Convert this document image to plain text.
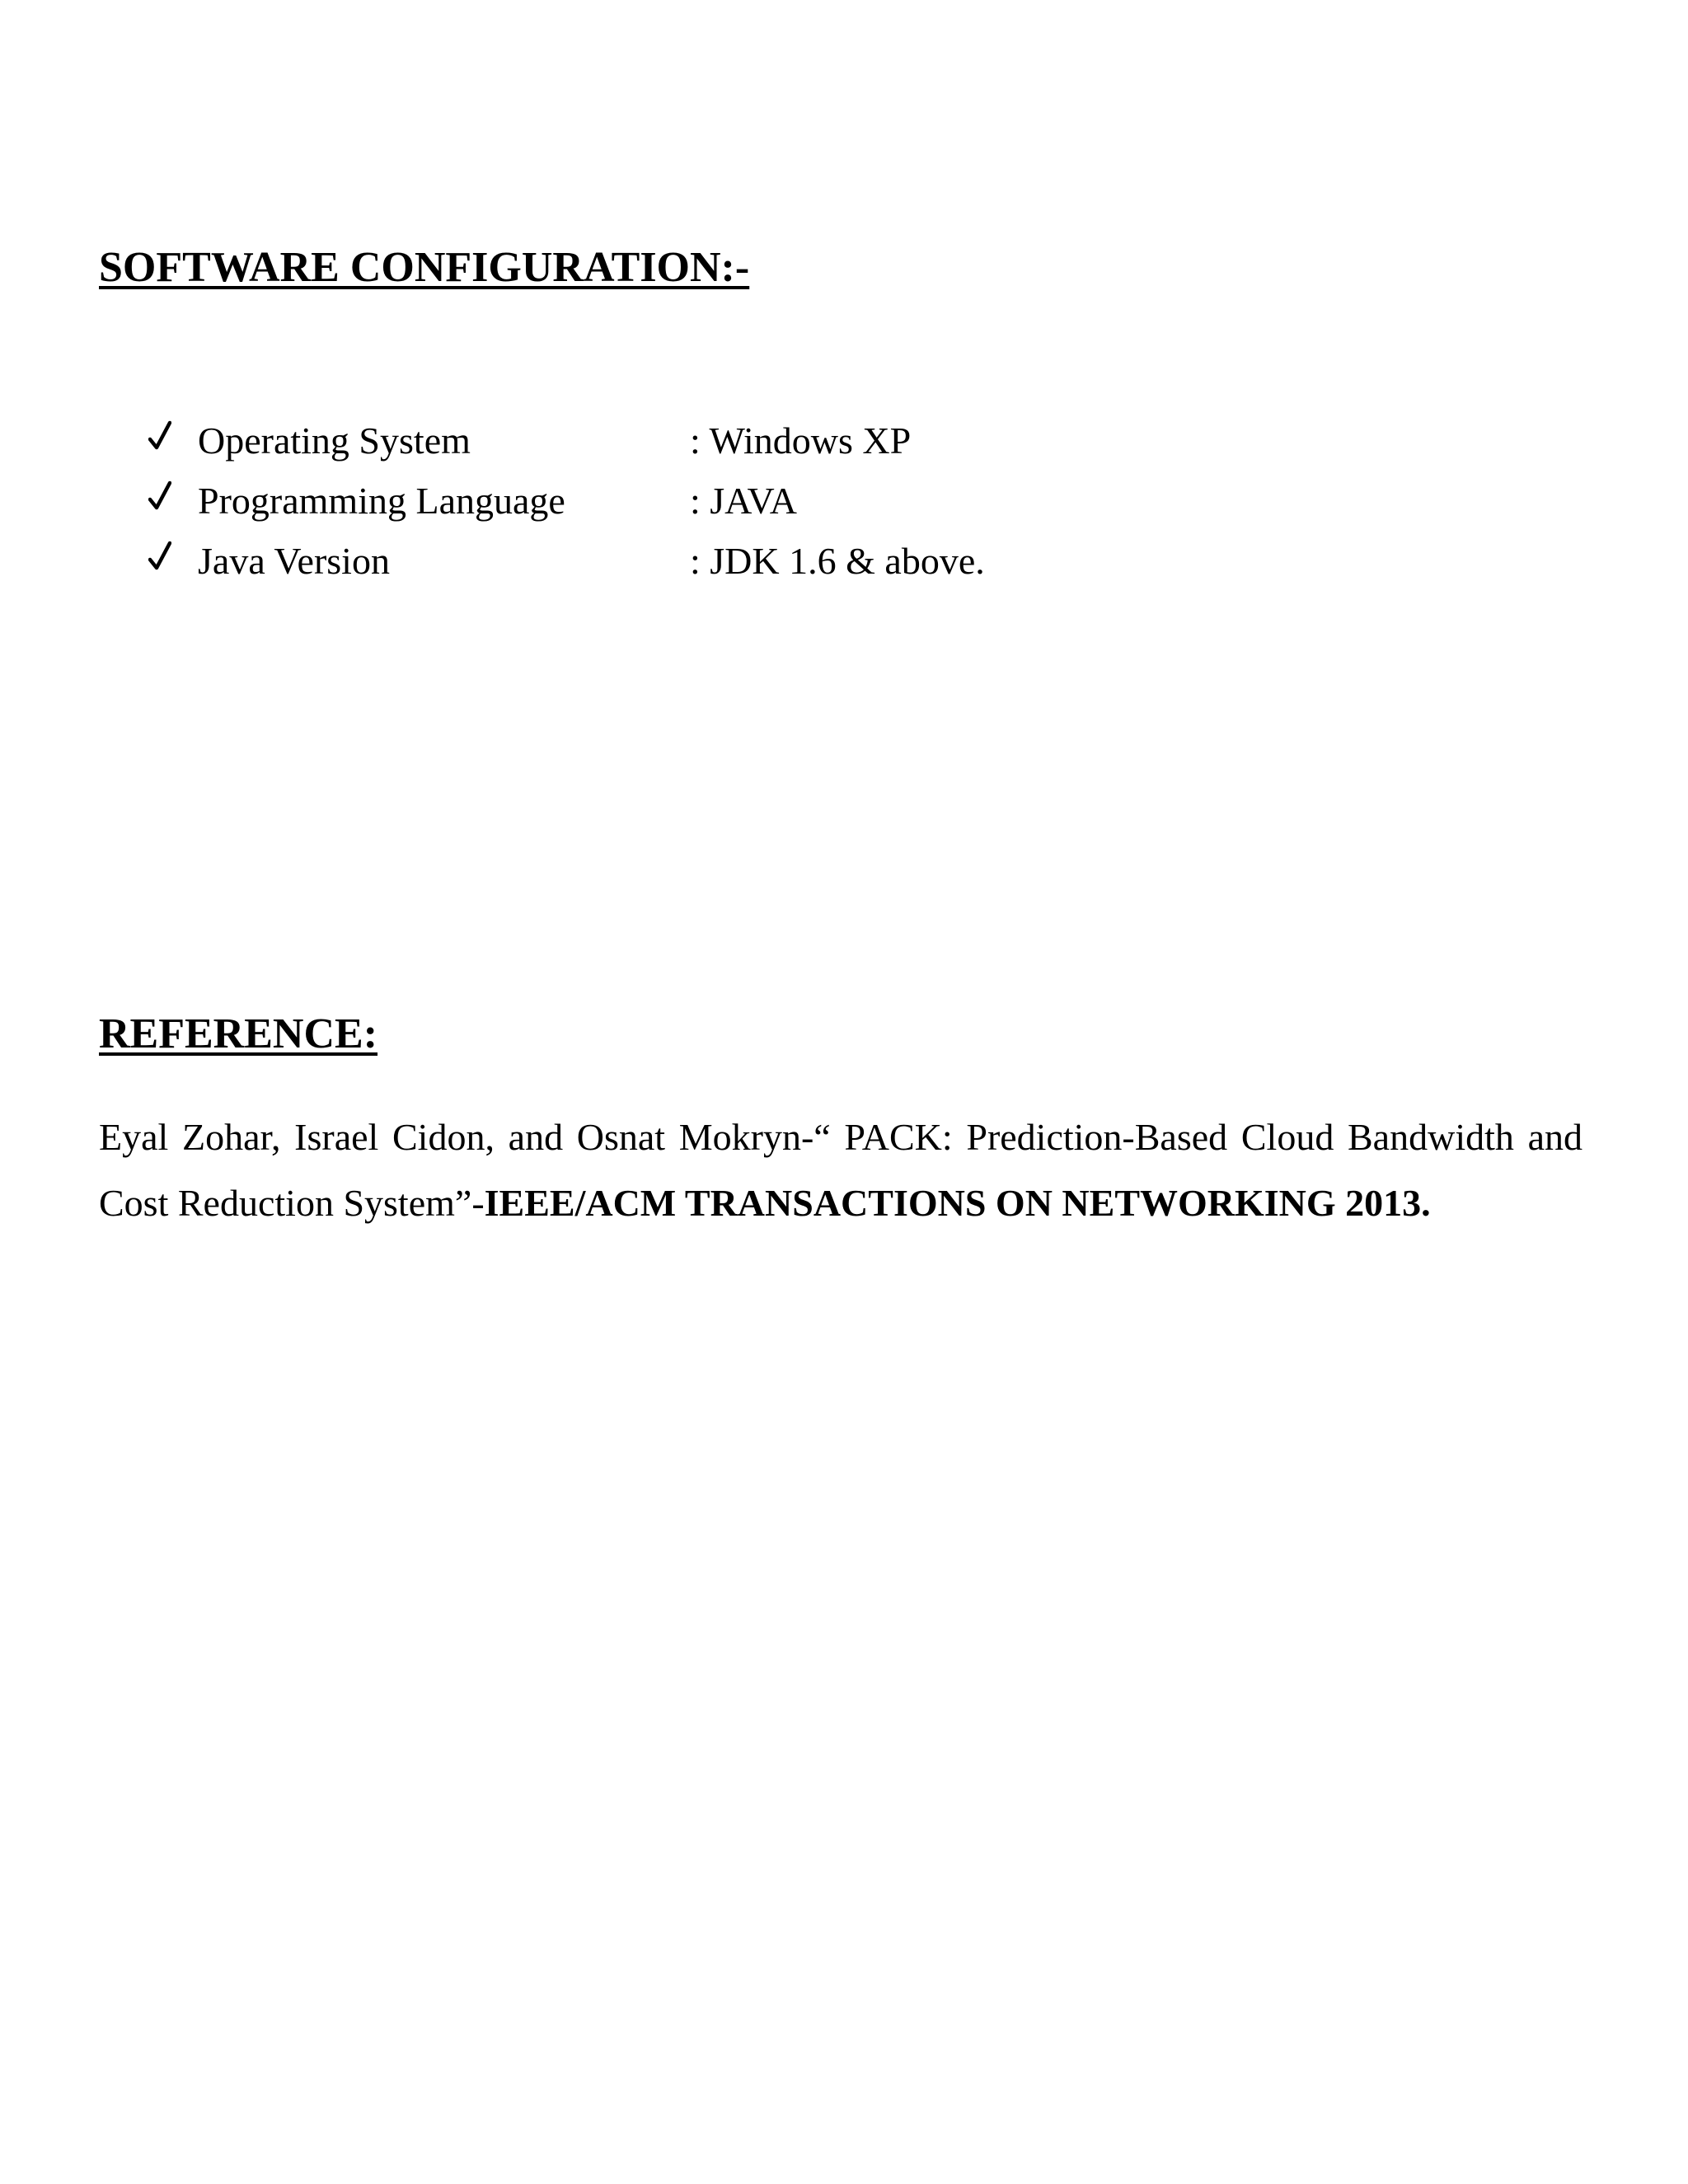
SOFTWARE CONFIGURATION:-
Operating System	: Windows XP
Programming Language	: JAVA
Java Version	: JDK 1.6 & above.
REFERENCE:

Eyal Zohar, Israel Cidon, and Osnat Mokryn-“ PACK: Prediction-Based Cloud Bandwidth and Cost Reduction System”-IEEE/ACM TRANSACTIONS ON NETWORKING 2013.
